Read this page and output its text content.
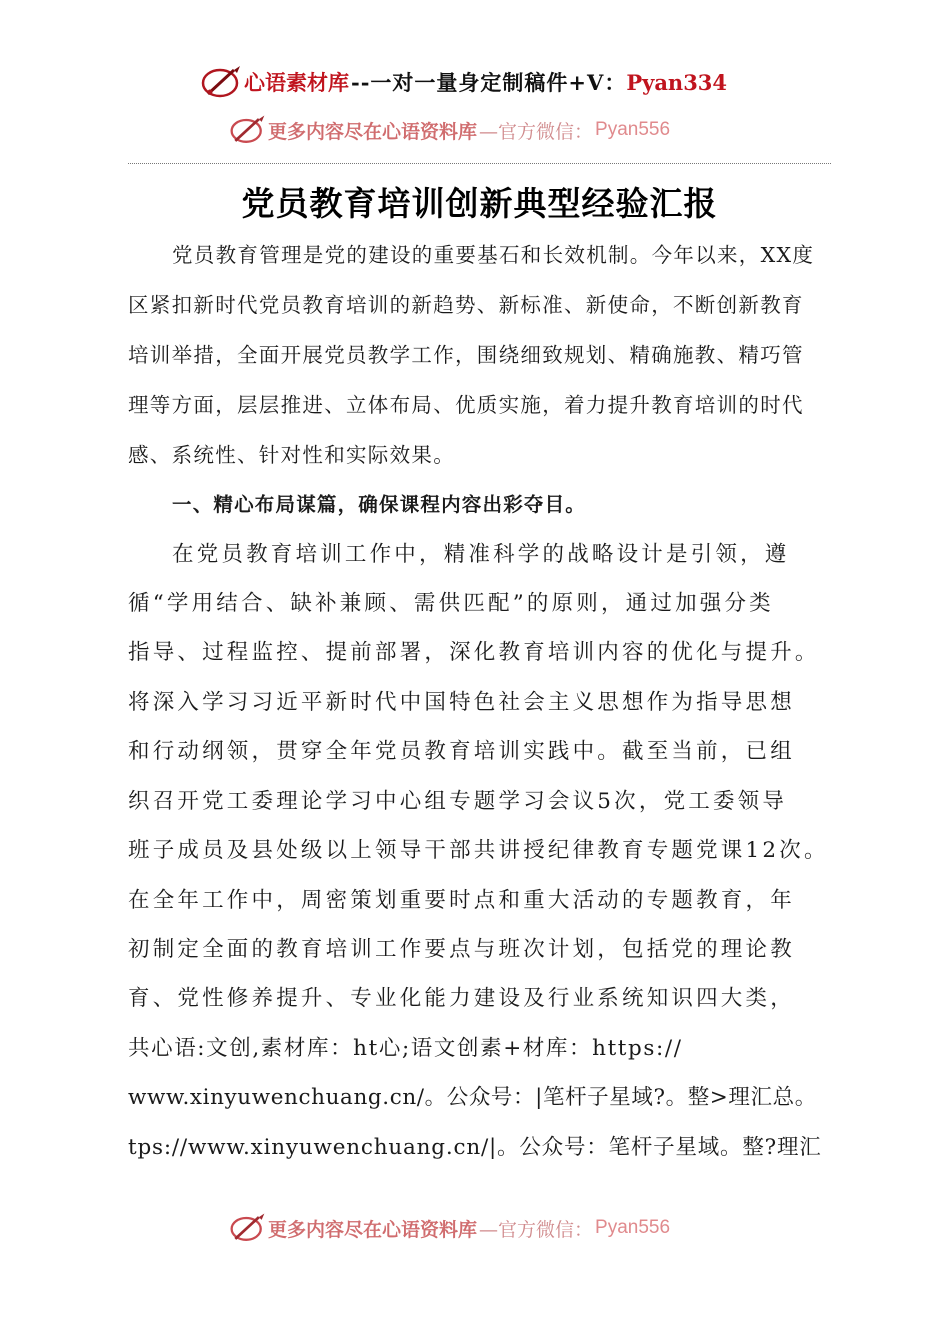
心语素材库 --一对一量身定制稿件+V： Pyan334
更多内容尽在心语资料库 —官方微信： Pyan556
党员教育培训创新典型经验汇报
党员教育管理是党的建设的重要基石和长效机制。今年以来，XX度
区紧扣新时代党员教育培训的新趋势、新标准、新使命，不断创新教育
培训举措，全面开展党员教学工作，围绕细致规划、精确施教、精巧管
理等方面，层层推进、立体布局、优质实施，着力提升教育培训的时代
感、系统性、针对性和实际效果。
一、精心布局谋篇，确保课程内容出彩夺目。
在党员教育培训工作中，精准科学的战略设计是引领，遵
循“学用结合、缺补兼顾、需供匹配”的原则，通过加强分类
指导、过程监控、提前部署，深化教育培训内容的优化与提升。
将深入学习习近平新时代中国特色社会主义思想作为指导思想
和行动纲领，贯穿全年党员教育培训实践中。截至当前，已组
织召开党工委理论学习中心组专题学习会议5次，党工委领导
班子成员及县处级以上领导干部共讲授纪律教育专题党课12次。
在全年工作中，周密策划重要时点和重大活动的专题教育，年
初制定全面的教育培训工作要点与班次计划，包括党的理论教
育、党性修养提升、专业化能力建设及行业系统知识四大类，
共心语:文创,素材库：ht心;语文创素+材库：https://
www.xinyuwenchuang.cn/。公众号：|笔杆子星域?。整>理汇总。
tps://www.xinyuwenchuang.cn/|。公众号：笔杆子星域。整?理汇
更多内容尽在心语资料库 —官方微信： Pyan556
